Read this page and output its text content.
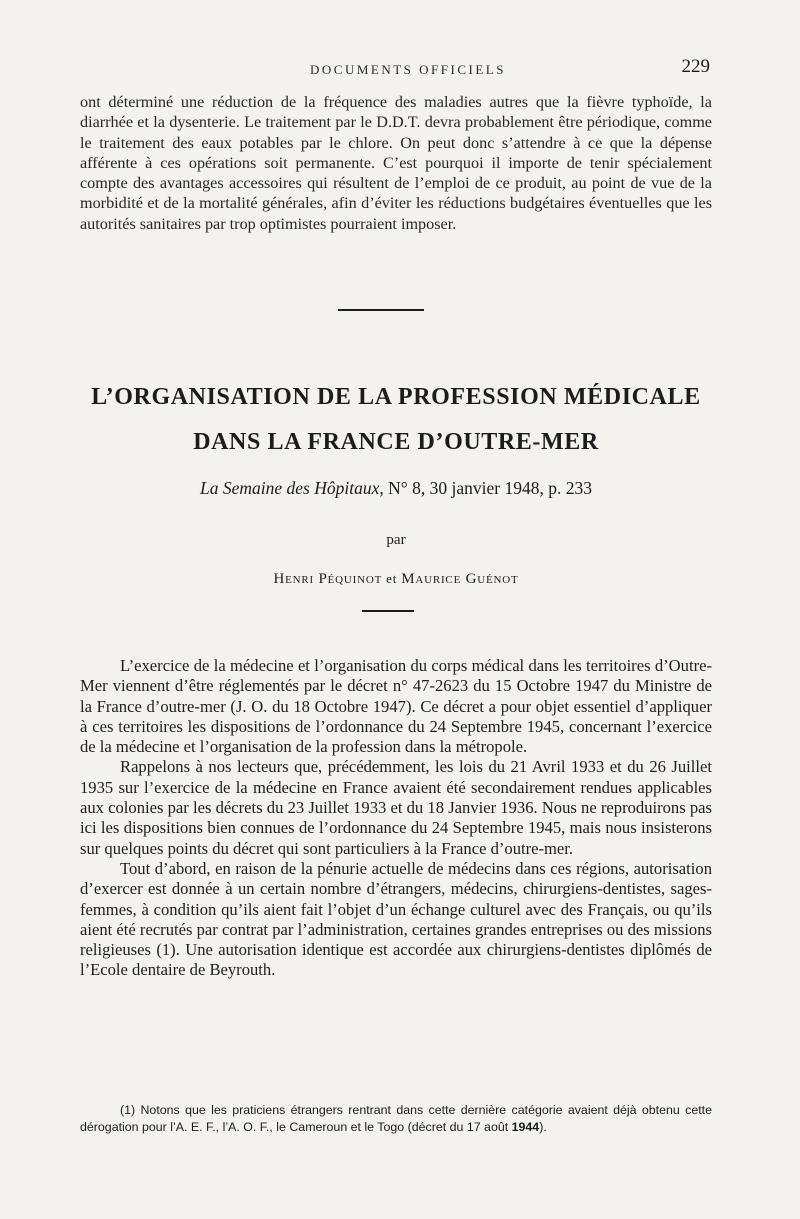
DOCUMENTS OFFICIELS	229

ont déterminé une réduction de la fréquence des maladies autres que la fièvre typhoïde, la diarrhée et la dysenterie. Le traitement par le D.D.T. devra probablement être périodique, comme le traitement des eaux potables par le chlore. On peut donc s’attendre à ce que la dépense afférente à ces opérations soit permanente. C’est pourquoi il importe de tenir spécialement compte des avantages accessoires qui résultent de l’emploi de ce produit, au point de vue de la morbidité et de la mortalité générales, afin d’éviter les réductions budgétaires éventuelles que les autorités sanitaires par trop optimistes pourraient imposer.

L’ORGANISATION DE LA PROFESSION MÉDICALE
DANS LA FRANCE D’OUTRE-MER

La Semaine des Hôpitaux, N° 8, 30 janvier 1948, p. 233

par
Henri Péquinot et Maurice Guénot

L’exercice de la médecine et l’organisation du corps médical dans les territoires d’Outre-Mer viennent d’être réglementés par le décret n° 47-2623 du 15 Octobre 1947 du Ministre de la France d’outre-mer (J. O. du 18 Octobre 1947). Ce décret a pour objet essentiel d’appliquer à ces territoires les dispositions de l’ordonnance du 24 Septembre 1945, concernant l’exercice de la médecine et l’organisation de la profession dans la métropole.

Rappelons à nos lecteurs que, précédemment, les lois du 21 Avril 1933 et du 26 Juillet 1935 sur l’exercice de la médecine en France avaient été secondairement rendues applicables aux colonies par les décrets du 23 Juillet 1933 et du 18 Janvier 1936. Nous ne reproduirons pas ici les dispositions bien connues de l’ordonnance du 24 Septembre 1945, mais nous insisterons sur quelques points du décret qui sont particuliers à la France d’outre-mer.

Tout d’abord, en raison de la pénurie actuelle de médecins dans ces régions, autorisation d’exercer est donnée à un certain nombre d’étrangers, médecins, chirurgiens-dentistes, sages-femmes, à condition qu’ils aient fait l’objet d’un échange culturel avec des Français, ou qu’ils aient été recrutés par contrat par l’administration, certaines grandes entreprises ou des missions religieuses (1). Une autorisation identique est accordée aux chirurgiens-dentistes diplômés de l’Ecole dentaire de Beyrouth.

(1) Notons que les praticiens étrangers rentrant dans cette dernière catégorie avaient déjà obtenu cette dérogation pour l’A. E. F., l’A. O. F., le Cameroun et le Togo (décret du 17 août 1944).
